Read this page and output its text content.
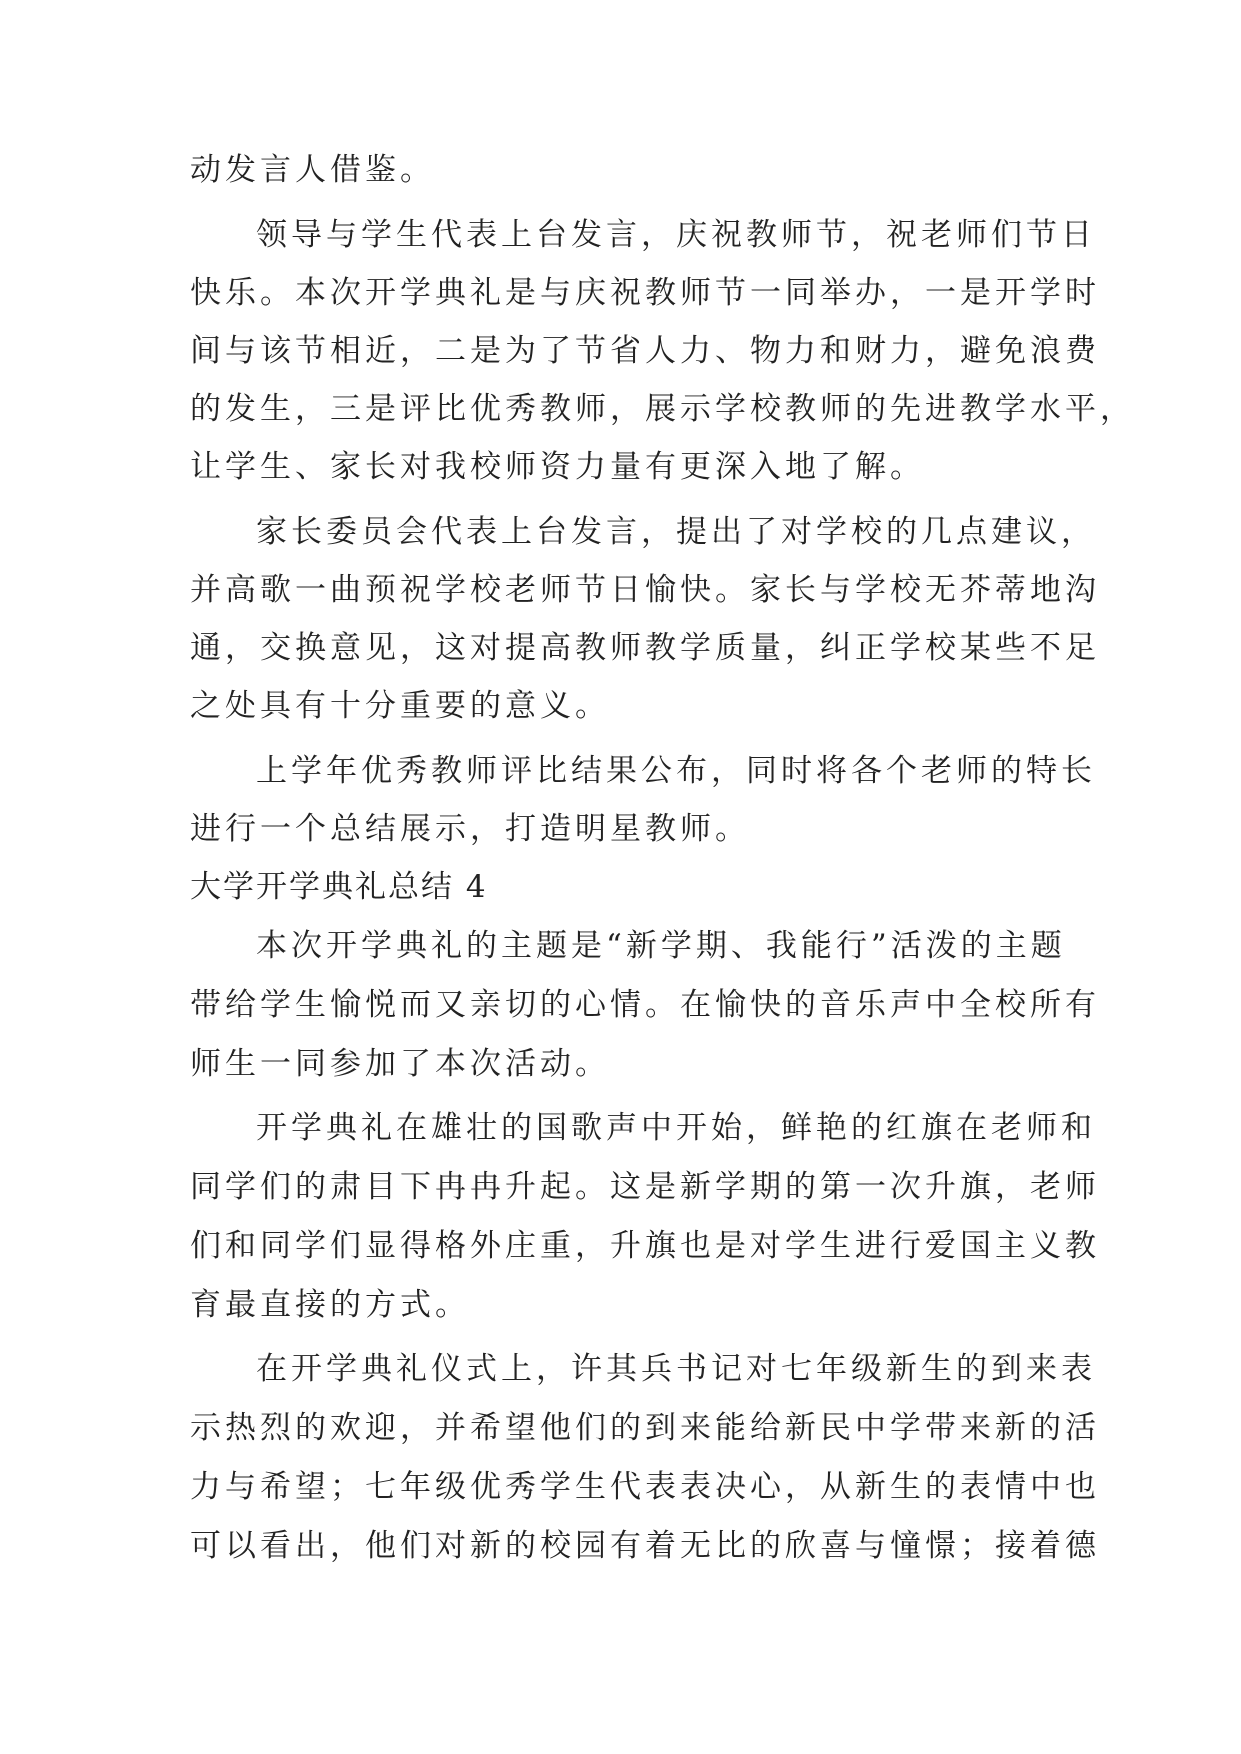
动发言人借鉴。
领导与学生代表上台发言，庆祝教师节，祝老师们节日
快乐。本次开学典礼是与庆祝教师节一同举办，一是开学时
间与该节相近，二是为了节省人力、物力和财力，避免浪费
的发生，三是评比优秀教师，展示学校教师的先进教学水平，
让学生、家长对我校师资力量有更深入地了解。
家长委员会代表上台发言，提出了对学校的几点建议，
并高歌一曲预祝学校老师节日愉快。家长与学校无芥蒂地沟
通，交换意见，这对提高教师教学质量，纠正学校某些不足
之处具有十分重要的意义。
上学年优秀教师评比结果公布，同时将各个老师的特长
进行一个总结展示，打造明星教师。
大学开学典礼总结 4
本次开学典礼的主题是“新学期、我能行”活泼的主题
带给学生愉悦而又亲切的心情。在愉快的音乐声中全校所有
师生一同参加了本次活动。
开学典礼在雄壮的国歌声中开始，鲜艳的红旗在老师和
同学们的肃目下冉冉升起。这是新学期的第一次升旗，老师
们和同学们显得格外庄重，升旗也是对学生进行爱国主义教
育最直接的方式。
在开学典礼仪式上，许其兵书记对七年级新生的到来表
示热烈的欢迎，并希望他们的到来能给新民中学带来新的活
力与希望；七年级优秀学生代表表决心，从新生的表情中也
可以看出，他们对新的校园有着无比的欣喜与憧憬；接着德
